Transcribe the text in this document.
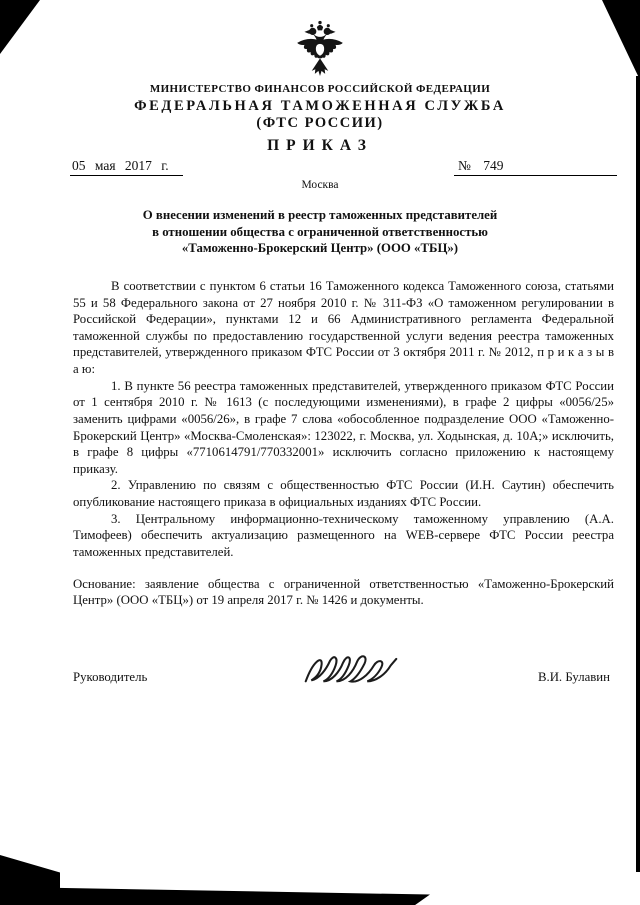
МИНИСТЕРСТВО ФИНАНСОВ РОССИЙСКОЙ ФЕДЕРАЦИИ
ФЕДЕРАЛЬНАЯ ТАМОЖЕННАЯ СЛУЖБА
(ФТС РОССИИ)
ПРИКАЗ
05 мая 2017 г.	№ 749
Москва
О внесении изменений в реестр таможенных представителей
в отношении общества с ограниченной ответственностью
«Таможенно-Брокерский Центр» (ООО «ТБЦ»)

В соответствии с пунктом 6 статьи 16 Таможенного кодекса Таможенного союза, статьями 55 и 58 Федерального закона от 27 ноября 2010 г. № 311-ФЗ «О таможенном регулировании в Российской Федерации», пунктами 12 и 66 Административного регламента Федеральной таможенной службы по предоставлению государственной услуги ведения реестра таможенных представителей, утвержденного приказом ФТС России от 3 октября 2011 г. № 2012, п р и к а з ы в а ю:

1. В пункте 56 реестра таможенных представителей, утвержденного приказом ФТС России от 1 сентября 2010 г. № 1613 (с последующими изменениями), в графе 2 цифры «0056/25» заменить цифрами «0056/26», в графе 7 слова «обособленное подразделение ООО «Таможенно-Брокерский Центр» «Москва-Смоленская»: 123022, г. Москва, ул. Ходынская, д. 10А;» исключить, в графе 8 цифры «7710614791/770332001» исключить согласно приложению к настоящему приказу.

2. Управлению по связям с общественностью ФТС России (И.Н. Саутин) обеспечить опубликование настоящего приказа в официальных изданиях ФТС России.

3. Центральному информационно-техническому таможенному управлению (А.А. Тимофеев) обеспечить актуализацию размещенного на WEB-сервере ФТС России реестра таможенных представителей.

Основание: заявление общества с ограниченной ответственностью «Таможенно-Брокерский Центр» (ООО «ТБЦ») от 19 апреля 2017 г. № 1426 и документы.
Руководитель	В.И. Булавин
